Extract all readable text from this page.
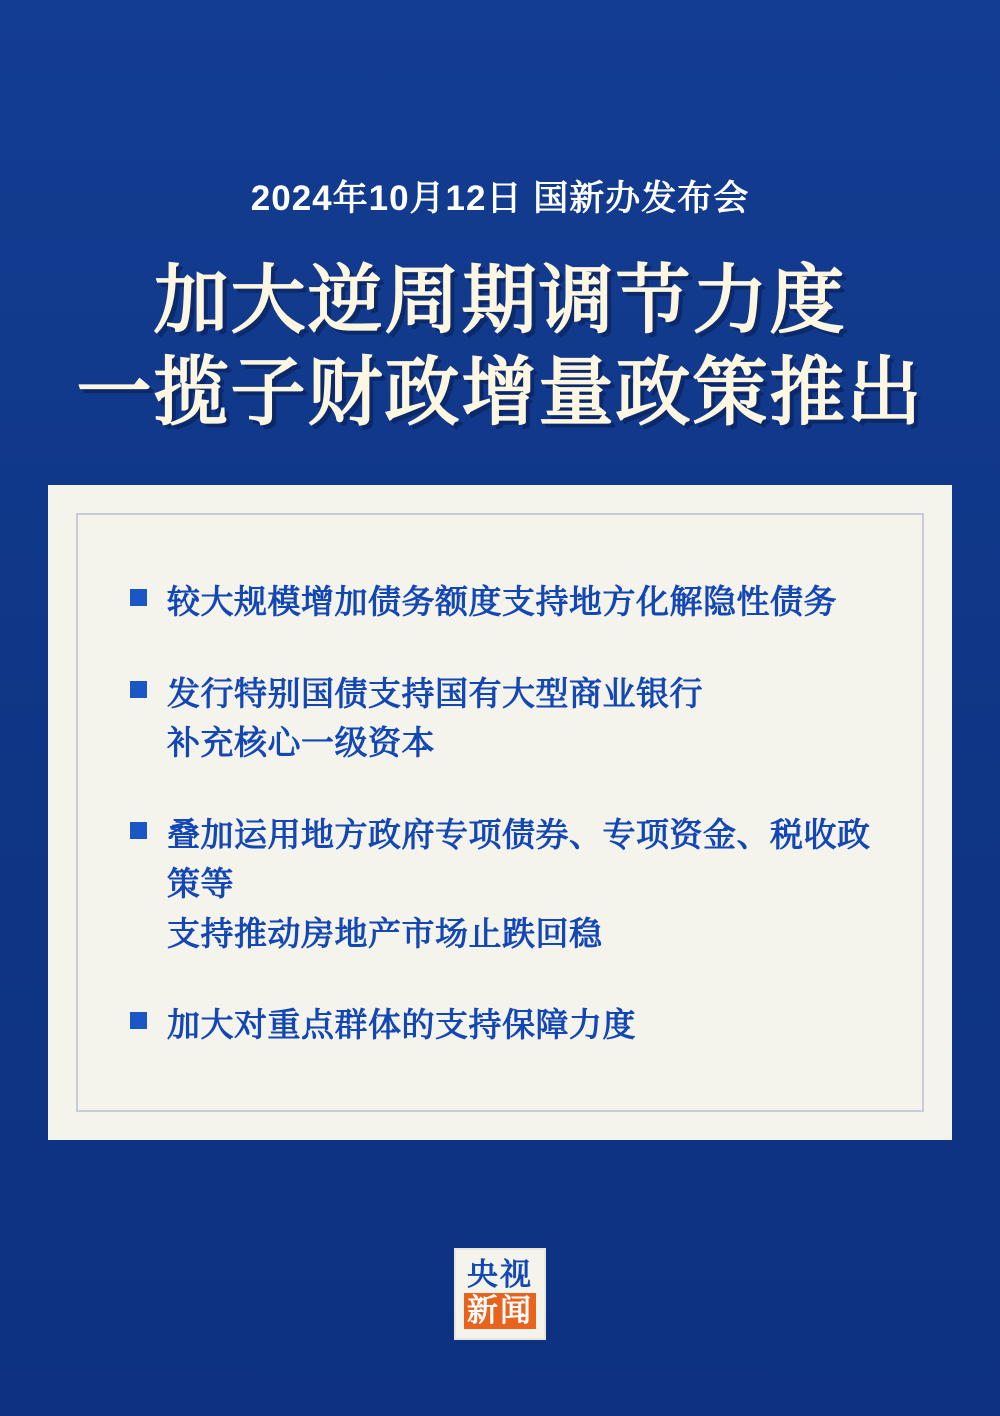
2024年10月12日 国新办发布会
加大逆周期调节力度
一揽子财政增量政策推出
较大规模增加债务额度支持地方化解隐性债务
发行特别国债支持国有大型商业银行
补充核心一级资本
叠加运用地方政府专项债券、专项资金、税收政策等
支持推动房地产市场止跌回稳
加大对重点群体的支持保障力度
央视
新闻
